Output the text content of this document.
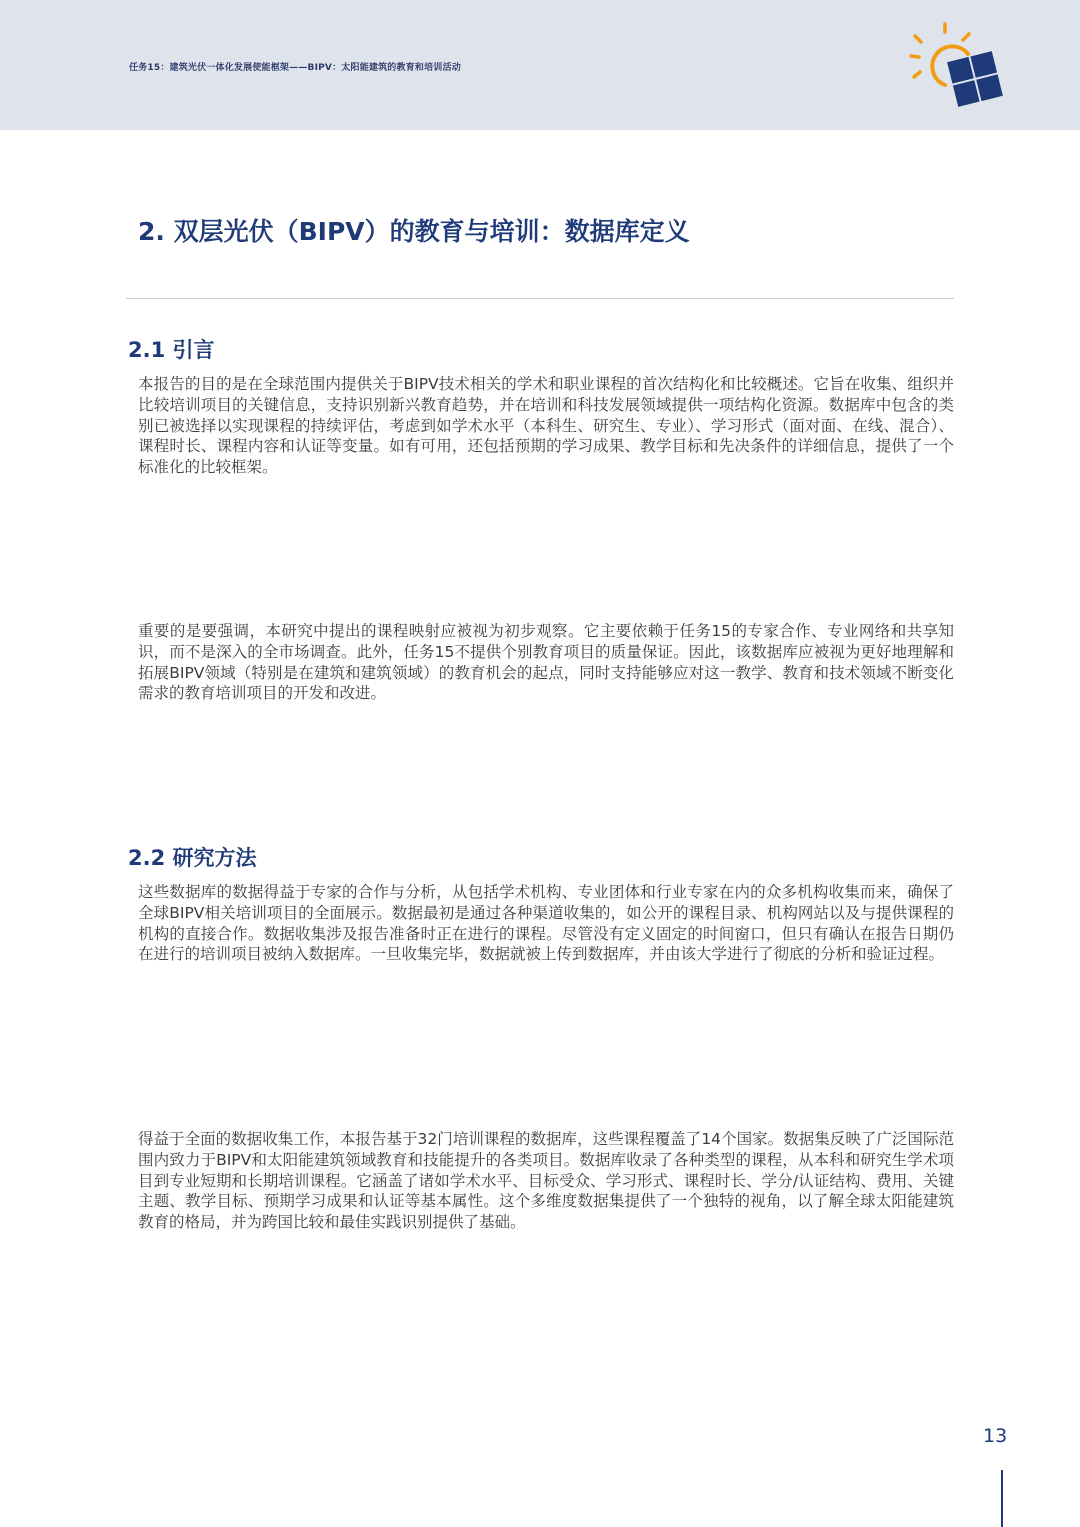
任务15：建筑光伏一体化发展使能框架——BIPV：太阳能建筑的教育和培训活动
2. 双层光伏（BIPV）的教育与培训：数据库定义
2.1 引言

本报告的目的是在全球范围内提供关于BIPV技术相关的学术和职业课程的首次结构化和比较概述。它旨在收集、组织并比较培训项目的关键信息，支持识别新兴教育趋势，并在培训和科技发展领域提供一项结构化资源。数据库中包含的类别已被选择以实现课程的持续评估，考虑到如学术水平（本科生、研究生、专业）、学习形式（面对面、在线、混合）、课程时长、课程内容和认证等变量。如有可用，还包括预期的学习成果、教学目标和先决条件的详细信息，提供了一个标准化的比较框架。

重要的是要强调，本研究中提出的课程映射应被视为初步观察。它主要依赖于任务15的专家合作、专业网络和共享知识，而不是深入的全市场调查。此外，任务15不提供个别教育项目的质量保证。因此，该数据库应被视为更好地理解和拓展BIPV领域（特别是在建筑和建筑领域）的教育机会的起点，同时支持能够应对这一教学、教育和技术领域不断变化需求的教育培训项目的开发和改进。

2.2 研究方法

这些数据库的数据得益于专家的合作与分析，从包括学术机构、专业团体和行业专家在内的众多机构收集而来，确保了全球BIPV相关培训项目的全面展示。数据最初是通过各种渠道收集的，如公开的课程目录、机构网站以及与提供课程的机构的直接合作。数据收集涉及报告准备时正在进行的课程。尽管没有定义固定的时间窗口，但只有确认在报告日期仍在进行的培训项目被纳入数据库。一旦收集完毕，数据就被上传到数据库，并由该大学进行了彻底的分析和验证过程。

得益于全面的数据收集工作，本报告基于32门培训课程的数据库，这些课程覆盖了14个国家。数据集反映了广泛国际范围内致力于BIPV和太阳能建筑领域教育和技能提升的各类项目。数据库收录了各种类型的课程，从本科和研究生学术项目到专业短期和长期培训课程。它涵盖了诸如学术水平、目标受众、学习形式、课程时长、学分/认证结构、费用、关键主题、教学目标、预期学习成果和认证等基本属性。这个多维度数据集提供了一个独特的视角，以了解全球太阳能建筑教育的格局，并为跨国比较和最佳实践识别提供了基础。

13
